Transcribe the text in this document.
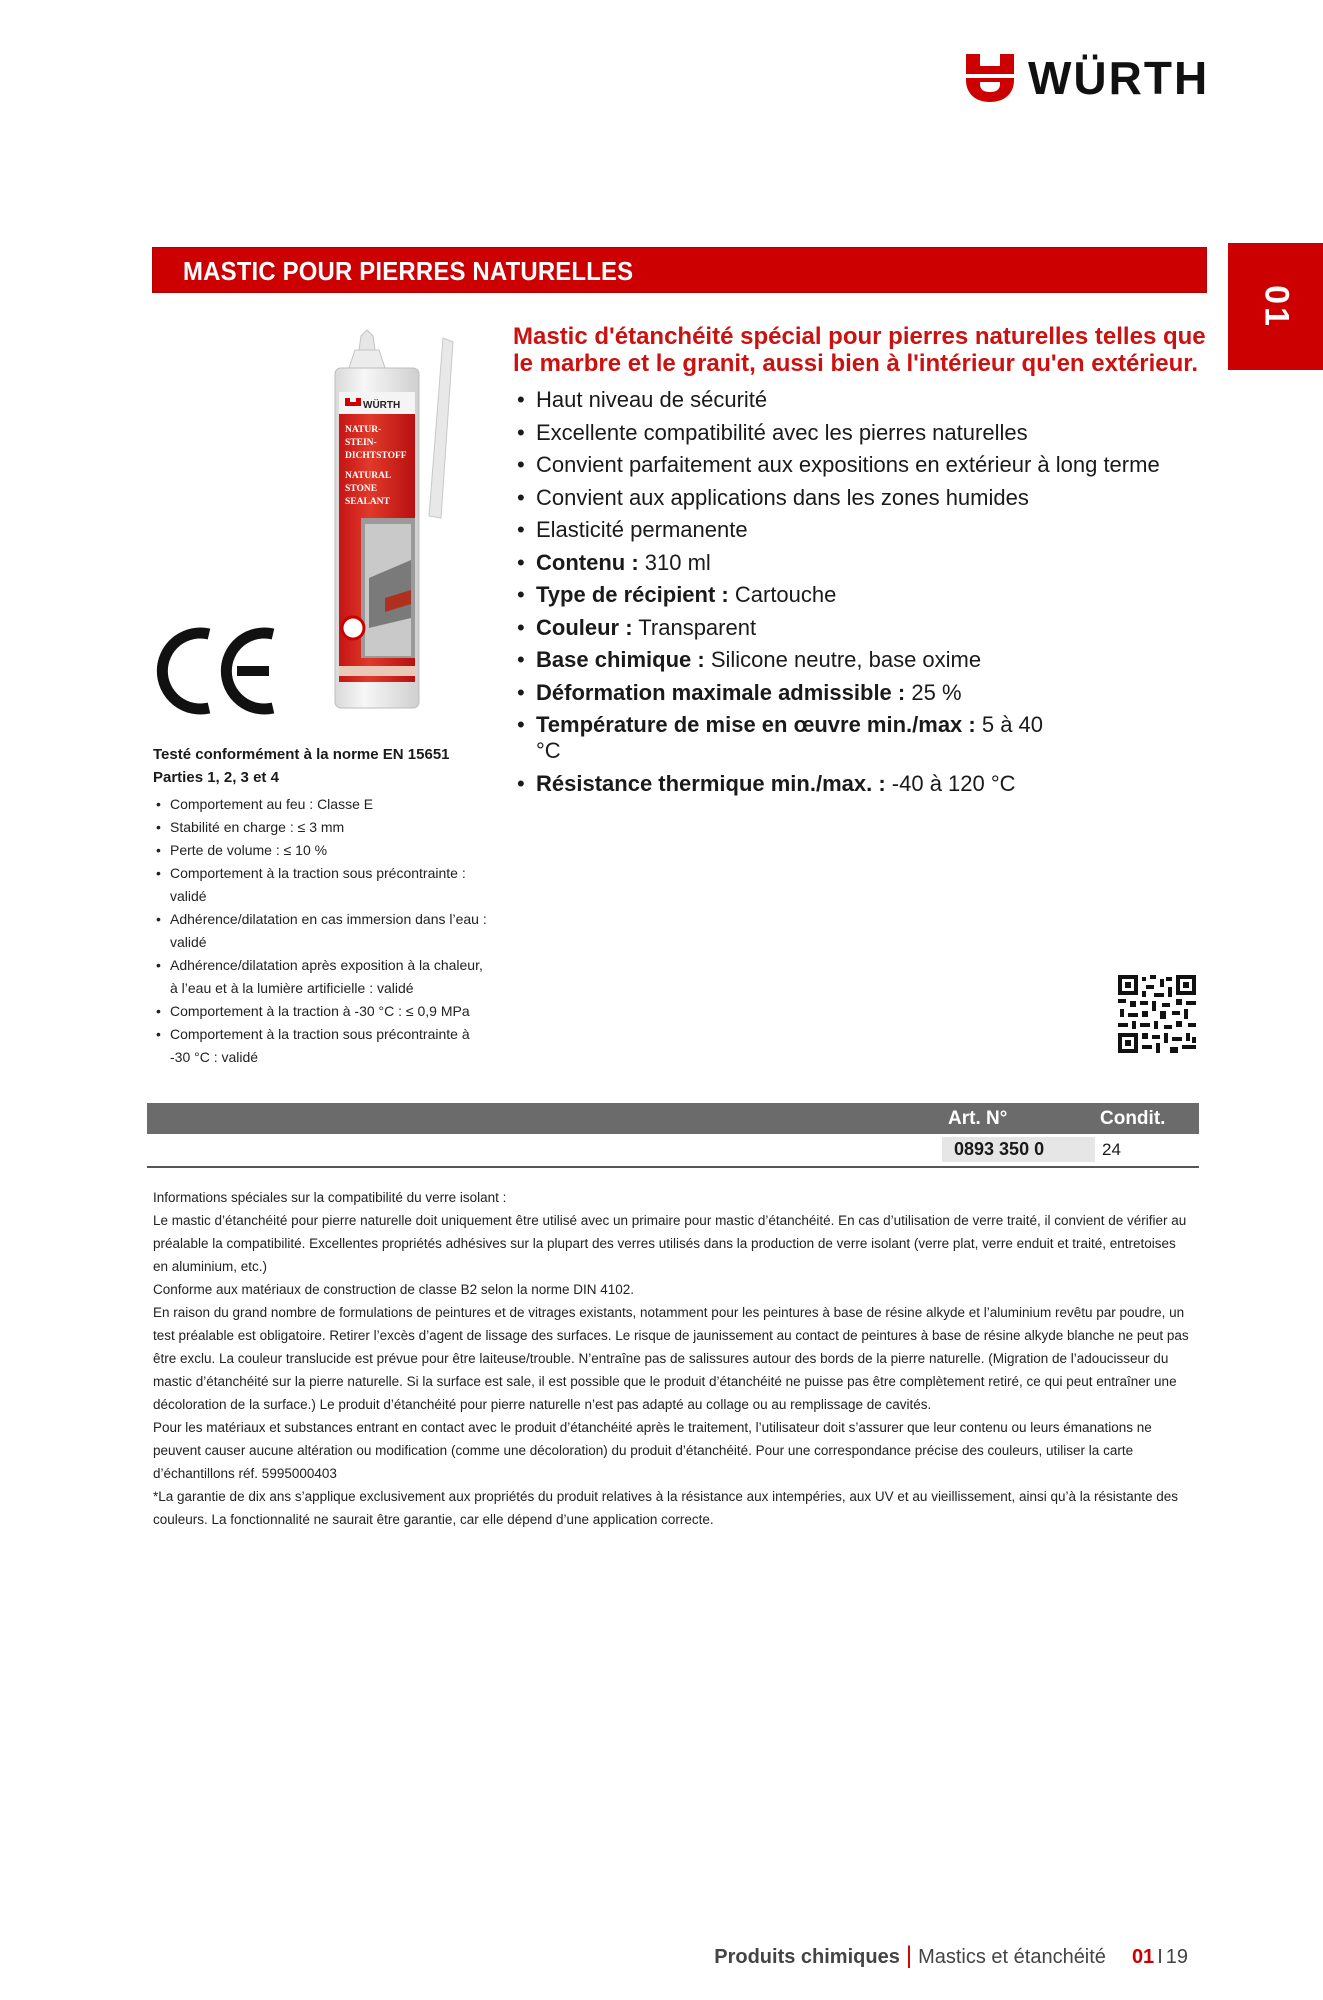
WÜRTH
01
MASTIC POUR PIERRES NATURELLES
WÜRTH
NATUR-
STEIN-
DICHTSTOFF
NATURAL
STONE
SEALANT
Testé conformément à la norme EN 15651
Parties 1, 2, 3 et 4
• Comportement au feu : Classe E
• Stabilité en charge : ≤ 3 mm
• Perte de volume : ≤ 10 %
• Comportement à la traction sous précontrainte : validé
• Adhérence/dilatation en cas immersion dans l’eau : validé
• Adhérence/dilatation après exposition à la chaleur, à l’eau et à la lumière artificielle : validé
• Comportement à la traction à -30 °C : ≤ 0,9 MPa
• Comportement à la traction sous précontrainte à -30 °C : validé
Mastic d'étanchéité spécial pour pierres naturelles telles que le marbre et le granit, aussi bien à l'intérieur qu'en extérieur.
• Haut niveau de sécurité
• Excellente compatibilité avec les pierres naturelles
• Convient parfaitement aux expositions en extérieur à long terme
• Convient aux applications dans les zones humides
• Elasticité permanente
• Contenu : 310 ml
• Type de récipient : Cartouche
• Couleur : Transparent
• Base chimique : Silicone neutre, base oxime
• Déformation maximale admissible : 25 %
• Température de mise en œuvre min./max : 5 à 40 °C
• Résistance thermique min./max. : -40 à 120 °C
Art. N°	Condit.
0893 350 0	24

Informations spéciales sur la compatibilité du verre isolant :

Le mastic d’étanchéité pour pierre naturelle doit uniquement être utilisé avec un primaire pour mastic d’étanchéité. En cas d’utilisation de verre traité, il convient de vérifier au préalable la compatibilité. Excellentes propriétés adhésives sur la plupart des verres utilisés dans la production de verre isolant (verre plat, verre enduit et traité, entretoises en aluminium, etc.)

Conforme aux matériaux de construction de classe B2 selon la norme DIN 4102.

En raison du grand nombre de formulations de peintures et de vitrages existants, notamment pour les peintures à base de résine alkyde et l’aluminium revêtu par poudre, un test préalable est obligatoire. Retirer l’excès d’agent de lissage des surfaces. Le risque de jaunissement au contact de peintures à base de résine alkyde blanche ne peut pas être exclu. La couleur translucide est prévue pour être laiteuse/trouble. N’entraîne pas de salissures autour des bords de la pierre naturelle. (Migration de l’adoucisseur du mastic d’étanchéité sur la pierre naturelle. Si la surface est sale, il est possible que le produit d’étanchéité ne puisse pas être complètement retiré, ce qui peut entraîner une décoloration de la surface.) Le produit d’étanchéité pour pierre naturelle n’est pas adapté au collage ou au remplissage de cavités.

Pour les matériaux et substances entrant en contact avec le produit d’étanchéité après le traitement, l’utilisateur doit s’assurer que leur contenu ou leurs émanations ne peuvent causer aucune altération ou modification (comme une décoloration) du produit d’étanchéité. Pour une correspondance précise des couleurs, utiliser la carte d’échantillons réf. 5995000403

*La garantie de dix ans s’applique exclusivement aux propriétés du produit relatives à la résistance aux intempéries, aux UV et au vieillissement, ainsi qu’à la résistante des couleurs. La fonctionnalité ne saurait être garantie, car elle dépend d’une application correcte.

Produits chimiques | Mastics et étanchéité 01 I 19
